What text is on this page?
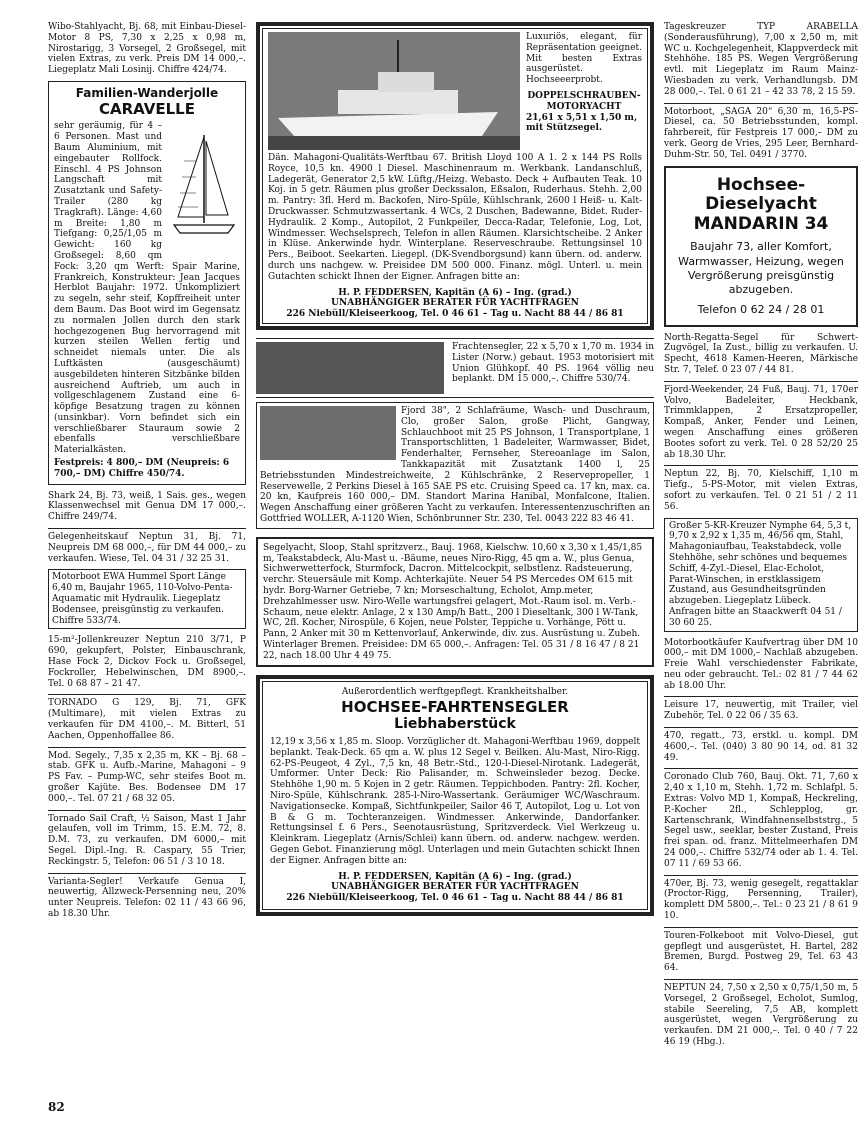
Wibo-Stahlyacht, Bj. 68, mit Einbau-Diesel-Motor 8 PS, 7,30 x 2,25 x 0,98 m, Nirostarigg, 3 Vorsegel, 2 Großsegel, mit vielen Extras, zu verk. Preis DM 14 000,–. Liegeplatz Mali Losinij. Chiffre 424/74.
Familien-Wanderjolle
CARAVELLE
sehr geräumig, für 4 – 6 Personen. Mast und Baum Aluminium, mit eingebauter Rollfock. Einschl. 4 PS Johnson Langschaft mit Zusatztank und Safety-Trailer (280 kg Tragkraft). Länge: 4,60 m Breite: 1,80 m Tiefgang: 0,25/1,05 m Gewicht: 160 kg Großsegel: 8,60 qm Fock: 3,20 qm Werft: Spair Marine, Frankreich, Konstrukteur: Jean Jacques Herblot Baujahr: 1972. Unkompliziert zu segeln, sehr steif, Kopffreiheit unter dem Baum. Das Boot wird im Gegensatz zu normalen Jollen durch den stark hochgezogenen Bug hervorragend mit kurzen steilen Wellen fertig und schneidet niemals unter. Die als Luftkästen (ausgeschäumt) ausgebildeten hinteren Sitzbänke bilden ausreichend Auftrieb, um auch in vollgeschlagenem Zustand eine 6-köpfige Besatzung tragen zu können (unsinkbar). Vorn befindet sich ein verschließbarer Stauraum sowie 2 ebenfalls verschließbare Materialkästen.
Festpreis: 4 800,– DM (Neupreis: 6 700,– DM) Chiffre 450/74.
Shark 24, Bj. 73, weiß, 1 Sais. ges., wegen Klassenwechsel mit Genua DM 17 000,–. Chiffre 249/74.
Gelegenheitskauf Neptun 31, Bj. 71, Neupreis DM 68 000,–, für DM 44 000,– zu verkaufen. Wiese, Tel. 04 31 / 32 25 31.
Motorboot EWA Hummel Sport Länge 6,40 m, Baujahr 1965, 110-Volvo-Penta-Aquamatic mit Hydraulik. Liegeplatz Bodensee, preisgünstig zu verkaufen. Chiffre 533/74.
15-m²-Jollenkreuzer Neptun 210 3/71, P 690, gekupfert, Polster, Einbauschrank, Hase Fock 2, Dickov Fock u. Großsegel, Fockroller, Hebelwinschen, DM 8900,–. Tel. 0 68 87 – 21 47.
TORNADO G 129, Bj. 71, GFK (Multimare), mit vielen Extras zu verkaufen für DM 4100,–. M. Bitterl, 51 Aachen, Oppenhoffallee 86.
Mod. Segely., 7,35 x 2,35 m, KK – Bj. 68 – stab. GFK u. Aufb.-Marine, Mahagoni – 9 PS Fav. – Pump-WC, sehr steifes Boot m. großer Kajüte. Bes. Bodensee DM 17 000,–. Tel. 07 21 / 68 32 05.
Tornado Sail Craft, ½ Saison, Mast 1 Jahr gelaufen, voll im Trimm, 15. E.M. 72, 8. D.M. 73, zu verkaufen. DM 6000,– mit Segel. Dipl.-Ing. R. Caspary, 55 Trier, Reckingstr. 5, Telefon: 06 51 / 3 10 18.
Varianta-Segler! Verkaufe Genua I, neuwertig, Allzweck-Persenning neu, 20% unter Neupreis. Telefon: 02 11 / 43 66 96, ab 18.30 Uhr.
Luxuriös, elegant, für Repräsentation geeignet. Mit besten Extras ausgerüstet. Hochseeerprobt.
DOPPELSCHRAUBEN-MOTORYACHT
21,61 x 5,51 x 1,50 m, mit Stützsegel.
Dän. Mahagoni-Qualitäts-Werftbau 67. British Lloyd 100 A 1. 2 x 144 PS Rolls Royce, 10,5 kn. 4900 l Diesel. Maschinenraum m. Werkbank. Landanschluß, Ladegerät, Generator 2,5 kW. Lüftg./Heizg. Webasto. Deck + Aufbauten Teak. 10 Koj. in 5 getr. Räumen plus großer Deckssalon, Eßsalon, Ruderhaus. Stehh. 2,00 m. Pantry: 3fl. Herd m. Backofen, Niro-Spüle, Kühlschrank, 2600 l Heiß- u. Kalt-Druckwasser. Schmutzwassertank. 4 WCs, 2 Duschen, Badewanne, Bidet. Ruder-Hydraulik. 2 Komp., Autopilot, 2 Funkpeiler, Decca-Radar, Telefonie, Log, Lot, Windmesser. Wechselsprech, Telefon in allen Räumen. Klarsichtscheibe. 2 Anker in Klüse. Ankerwinde hydr. Winterplane. Reserveschraube. Rettungsinsel 10 Pers., Beiboot. Seekarten. Liegepl. (DK-Svendborgsund) kann übern. od. anderw. durch uns nachgew. w. Preisidee DM 500 000. Finanz. mögl. Unterl. u. mein Gutachten schickt Ihnen der Eigner. Anfragen bitte an:
H. P. FEDDERSEN, Kapitän (A 6) – Ing. (grad.)
UNABHÄNGIGER BERATER FÜR YACHTFRAGEN
226 Niebüll/Kleiseerkoog, Tel. 0 46 61 – Tag u. Nacht 88 44 / 86 81
Frachtensegler, 22 x 5,70 x 1,70 m. 1934 in Lister (Norw.) gebaut. 1953 motorisiert mit Union Glühkopf. 40 PS. 1964 völlig neu beplankt. DM 15 000,–. Chiffre 530/74.
Fjord 38", 2 Schlafräume, Wasch- und Duschraum, Clo, großer Salon, große Plicht, Gangway, Schlauchboot mit 25 PS Johnson, 1 Transportplane, 1 Transportschlitten, 1 Badeleiter, Warmwasser, Bidet, Fenderhalter, Fernseher, Stereoanlage im Salon, Tankkapazität mit Zusatztank 1400 l, 25 Betriebsstunden Mindestreichweite, 2 Kühlschränke, 2 Reservepropeller, 1 Reservewelle, 2 Perkins Diesel à 165 SAE PS etc. Cruising Speed ca. 17 kn, max. ca. 20 kn, Kaufpreis 160 000,– DM. Standort Marina Hanibal, Monfalcone, Italien. Wegen Anschaffung einer größeren Yacht zu verkaufen. Interessentenzuschriften an Gottfried WOLLER, A-1120 Wien, Schönbrunner Str. 230, Tel. 0043 222 83 46 41.
Segelyacht, Sloop, Stahl spritzverz., Bauj. 1968, Kielschw. 10,60 x 3,30 x 1,45/1,85 m, Teakstabdeck, Alu-Mast u. -Bäume, neues Niro-Rigg, 45 qm a. W., plus Genua, Sichwerwetterfock, Sturmfock, Dacron. Mittelcockpit, selbstlenz. Radsteuerung, verchr. Steuersäule mit Komp. Achterkajüte. Neuer 54 PS Mercedes OM 615 mit hydr. Borg-Warner Getriebe, 7 kn; Morseschaltung, Echolot, Amp.meter, Drehzahlmesser usw. Niro-Welle wartungsfrei gelagert, Mot.-Raum isol. m. Verb.-Schaum, neue elektr. Anlage, 2 x 130 Amp/h Batt., 200 l Dieseltank, 300 l W-Tank, WC, 2fl. Kocher, Nirospüle, 6 Kojen, neue Polster, Teppiche u. Vorhänge, Pött u. Pann, 2 Anker mit 30 m Kettenvorlauf, Ankerwinde, div. zus. Ausrüstung u. Zubeh. Winterlager Bremen. Preisidee: DM 65 000,–. Anfragen: Tel. 05 31 / 8 16 47 / 8 21 22, nach 18.00 Uhr 4 49 75.
Außerordentlich werftgepflegt. Krankheitshalber.
HOCHSEE-FAHRTENSEGLER
Liebhaberstück
12,19 x 3,56 x 1,85 m. Sloop. Vorzüglicher dt. Mahagoni-Werftbau 1969, doppelt beplankt. Teak-Deck. 65 qm a. W. plus 12 Segel v. Beilken. Alu-Mast, Niro-Rigg. 62-PS-Peugeot, 4 Zyl., 7,5 kn, 48 Betr.-Std., 120-l-Diesel-Nirotank. Ladegerät, Umformer. Unter Deck: Rio Palisander, m. Schweinsleder bezog. Decke. Stehhöhe 1,90 m. 5 Kojen in 2 getr. Räumen. Teppichboden. Pantry: 2fl. Kocher, Niro-Spüle, Kühlschrank. 285-l-Niro-Wassertank. Geräumiger WC/Waschraum. Navigationsecke. Kompaß, Sichtfunkpeiler, Sailor 46 T, Autopilot, Log u. Lot von B & G m. Tochteranzeigen. Windmesser. Ankerwinde, Dandorfanker. Rettungsinsel f. 6 Pers., Seenotausrüstung, Spritzverdeck. Viel Werkzeug u. Kleinkram. Liegeplatz (Arnis/Schlei) kann übern. od. anderw. nachgew. werden. Gegen Gebot. Finanzierung mögl. Unterlagen und mein Gutachten schickt Ihnen der Eigner. Anfragen bitte an:
H. P. FEDDERSEN, Kapitän (A 6) – Ing. (grad.)
UNABHÄNGIGER BERATER FÜR YACHTFRAGEN
226 Niebüll/Kleiseerkoog, Tel. 0 46 61 – Tag u. Nacht 88 44 / 86 81
Tageskreuzer TYP ARABELLA (Sonderausführung), 7,00 x 2,50 m, mit WC u. Kochgelegenheit, Klappverdeck mit Stehhöhe. 185 PS. Wegen Vergrößerung evtl. mit Liegeplatz im Raum Mainz-Wiesbaden zu verk. Verhandlungsb. DM 28 000,–. Tel. 0 61 21 – 42 33 78, 2 15 59.
Motorboot, „SAGA 20“ 6,30 m, 16,5-PS-Diesel, ca. 50 Betriebsstunden, kompl. fahrbereit, für Festpreis 17 000,– DM zu verk. Georg de Vries, 295 Leer, Bernhard-Duhm-Str. 50, Tel. 0491 / 3770.
Hochsee-Dieselyacht MANDARIN 34
Baujahr 73, aller Komfort, Warmwasser, Heizung, wegen Vergrößerung preisgünstig abzugeben.
Telefon 0 62 24 / 28 01
North-Regatta-Segel für Schwert-Zugvögel, Ia Zust., billig zu verkaufen. U. Specht, 4618 Kamen-Heeren, Märkische Str. 7, Telef. 0 23 07 / 44 81.
Fjord-Weekender, 24 Fuß, Bauj. 71, 170er Volvo, Badeleiter, Heckbank, Trimmklappen, 2 Ersatzpropeller, Kompaß, Anker, Fender und Leinen, wegen Anschaffung eines größeren Bootes sofort zu verk. Tel. 0 28 52/20 25 ab 18.30 Uhr.
Neptun 22, Bj. 70, Kielschiff, 1,10 m Tiefg., 5-PS-Motor, mit vielen Extras, sofort zu verkaufen. Tel. 0 21 51 / 2 11 56.
Großer 5-KR-Kreuzer Nymphe 64, 5,3 t, 9,70 x 2,92 x 1,35 m, 46/56 qm, Stahl, Mahagoniaufbau, Teakstabdeck, volle Stehhöhe, sehr schönes und bequemes Schiff, 4-Zyl.-Diesel, Elac-Echolot, Parat-Winschen, in erstklassigem Zustand, aus Gesundheitsgründen abzugeben. Liegeplatz Lübeck. Anfragen bitte an Staackwerft 04 51 / 30 60 25.
Motorbootkäufer Kaufvertrag über DM 10 000,– mit DM 1000,– Nachlaß abzugeben. Freie Wahl verschiedenster Fabrikate, neu oder gebraucht. Tel.: 02 81 / 7 44 62 ab 18.00 Uhr.
Leisure 17, neuwertig, mit Trailer, viel Zubehör, Tel. 0 22 06 / 35 63.
470, regatt., 73, erstkl. u. kompl. DM 4600,–. Tel. (040) 3 80 90 14, od. 81 32 49.
Coronado Club 760, Bauj. Okt. 71, 7,60 x 2,40 x 1,10 m, Stehh. 1,72 m. Schlafpl. 5. Extras: Volvo MD 1, Kompaß, Heckreling, P.-Kocher 2fl., Schlepplog, gr. Kartenschrank, Windfahnenselbststrg., 5 Segel usw., seeklar, bester Zustand, Preis frei span. od. franz. Mittelmeerhafen DM 24 000,–. Chiffre 532/74 oder ab 1. 4. Tel. 07 11 / 69 53 66.
470er, Bj. 73, wenig gesegelt, regattaklar (Proctor-Rigg, Persenning, Trailer), komplett DM 5800,–. Tel.: 0 23 21 / 8 61 9 10.
Touren-Folkeboot mit Volvo-Diesel, gut gepflegt und ausgerüstet, H. Bartel, 282 Bremen, Burgd. Postweg 29, Tel. 63 43 64.
NEPTUN 24, 7,50 x 2,50 x 0,75/1,50 m, 5 Vorsegel, 2 Großsegel, Echolot, Sumlog, stabile Seereling, 7,5 AB, komplett ausgerüstet, wegen Vergrößerung zu verkaufen. DM 21 000,–. Tel. 0 40 / 7 22 46 19 (Hbg.).
82
